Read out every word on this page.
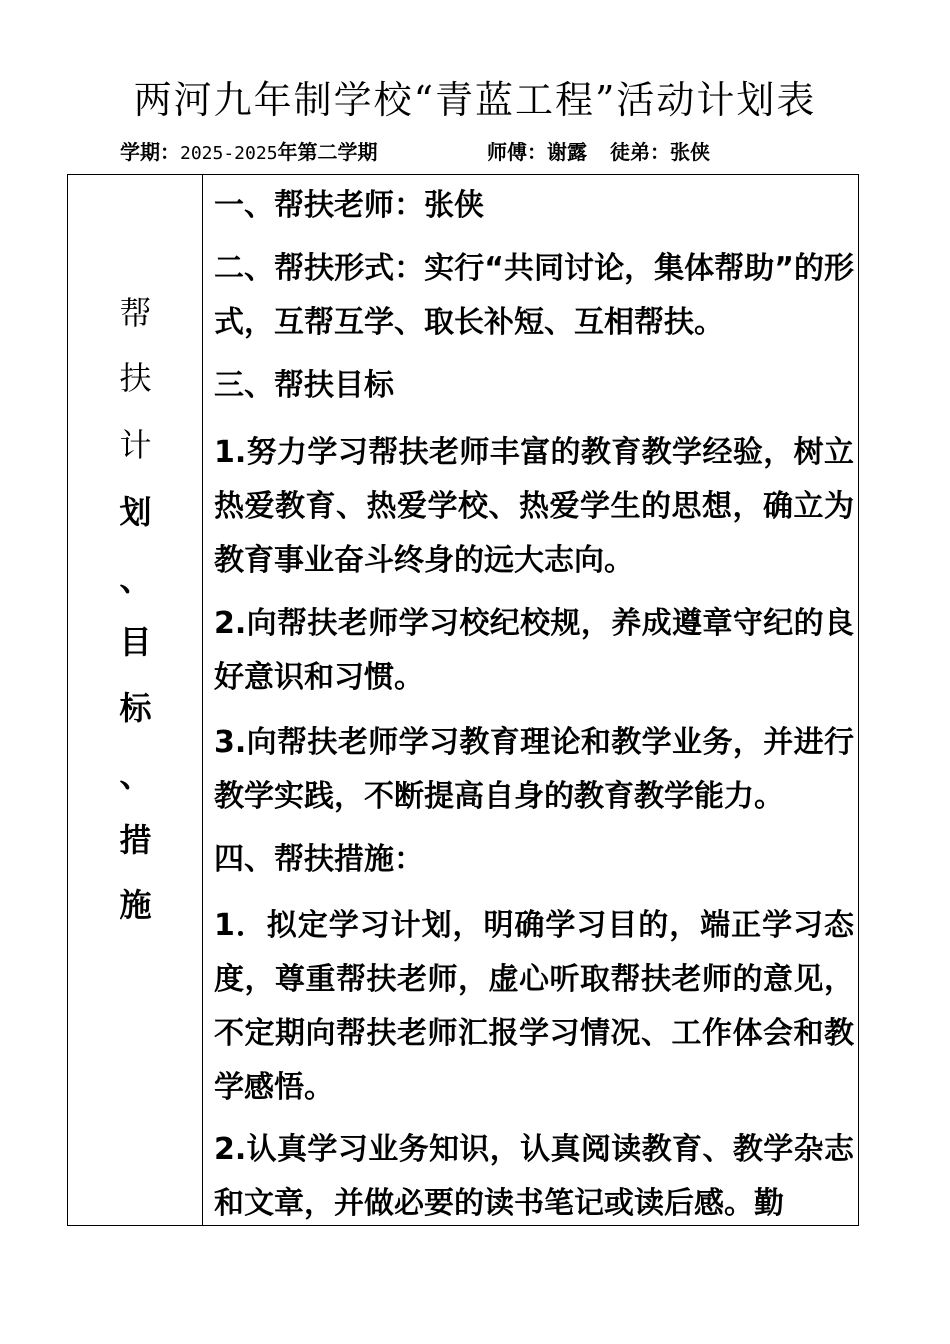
两河九年制学校“青蓝工程”活动计划表
学期：2025-2025年第二学期	师傅：谢露 徒弟：张侠
帮
扶
计
划
、
目
标
、
措
施

一、帮扶老师：张侠

二、帮扶形式：实行“共同讨论，集体帮助”的形式，互帮互学、取长补短、互相帮扶。

三、帮扶目标

1.努力学习帮扶老师丰富的教育教学经验，树立热爱教育、热爱学校、热爱学生的思想，确立为教育事业奋斗终身的远大志向。

2.向帮扶老师学习校纪校规，养成遵章守纪的良好意识和习惯。

3.向帮扶老师学习教育理论和教学业务，并进行教学实践，不断提高自身的教育教学能力。

四、帮扶措施：

1．拟定学习计划，明确学习目的，端正学习态度，尊重帮扶老师，虚心听取帮扶老师的意见，不定期向帮扶老师汇报学习情况、工作体会和教学感悟。

2.认真学习业务知识，认真阅读教育、教学杂志和文章，并做必要的读书笔记或读后感。勤
